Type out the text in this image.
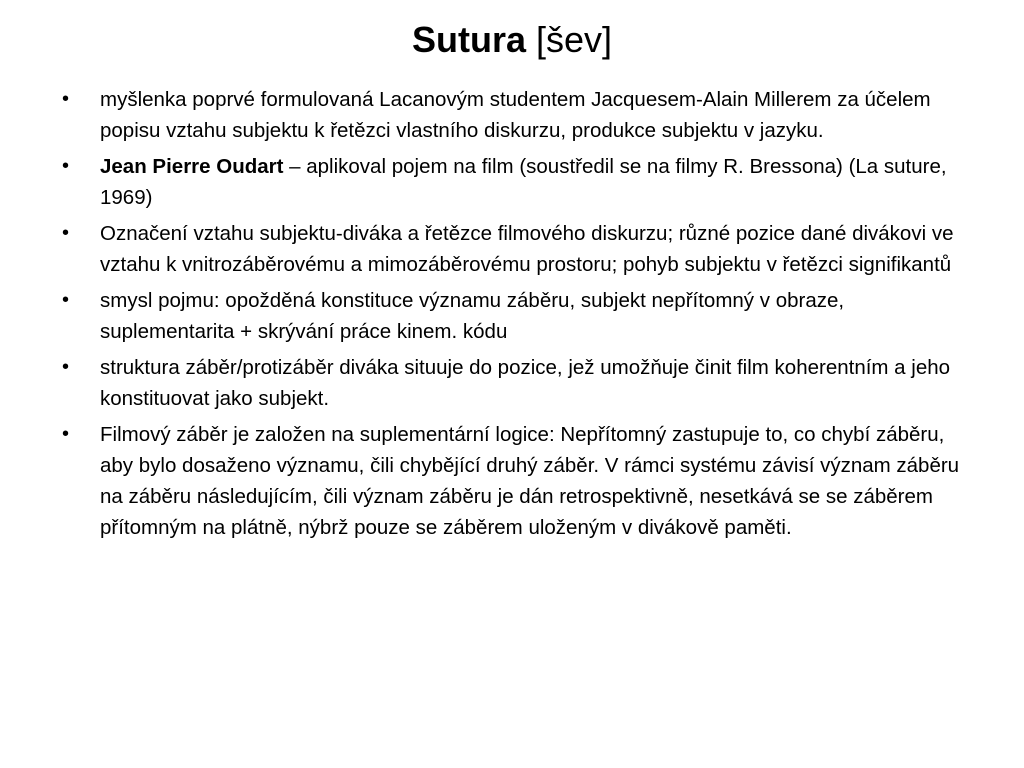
Sutura [šev]
• myšlenka poprvé formulovaná Lacanovým studentem Jacquesem-Alain Millerem za účelem popisu vztahu subjektu k řetězci vlastního diskurzu, produkce subjektu v jazyku.
• Jean Pierre Oudart – aplikoval pojem na film (soustředil se na filmy R. Bressona) (La suture, 1969)
• Označení vztahu subjektu-diváka a řetězce filmového diskurzu; různé pozice dané divákovi ve vztahu k vnitrozáběrovému a mimozáběrovému prostoru; pohyb subjektu v řetězci signifikantů
• smysl pojmu: opožděná konstituce významu záběru, subjekt nepřítomný v obraze, suplementarita + skrývání práce kinem. kódu
• struktura záběr/protizáběr diváka situuje do pozice, jež umožňuje činit film koherentním a jeho konstituovat jako subjekt.
• Filmový záběr je založen na suplementární logice: Nepřítomný zastupuje to, co chybí záběru, aby bylo dosaženo významu, čili chybějící druhý záběr. V rámci systému závisí význam záběru na záběru následujícím, čili význam záběru je dán retrospektivně, nesetkává se se záběrem přítomným na plátně, nýbrž pouze se záběrem uloženým v divákově paměti.
